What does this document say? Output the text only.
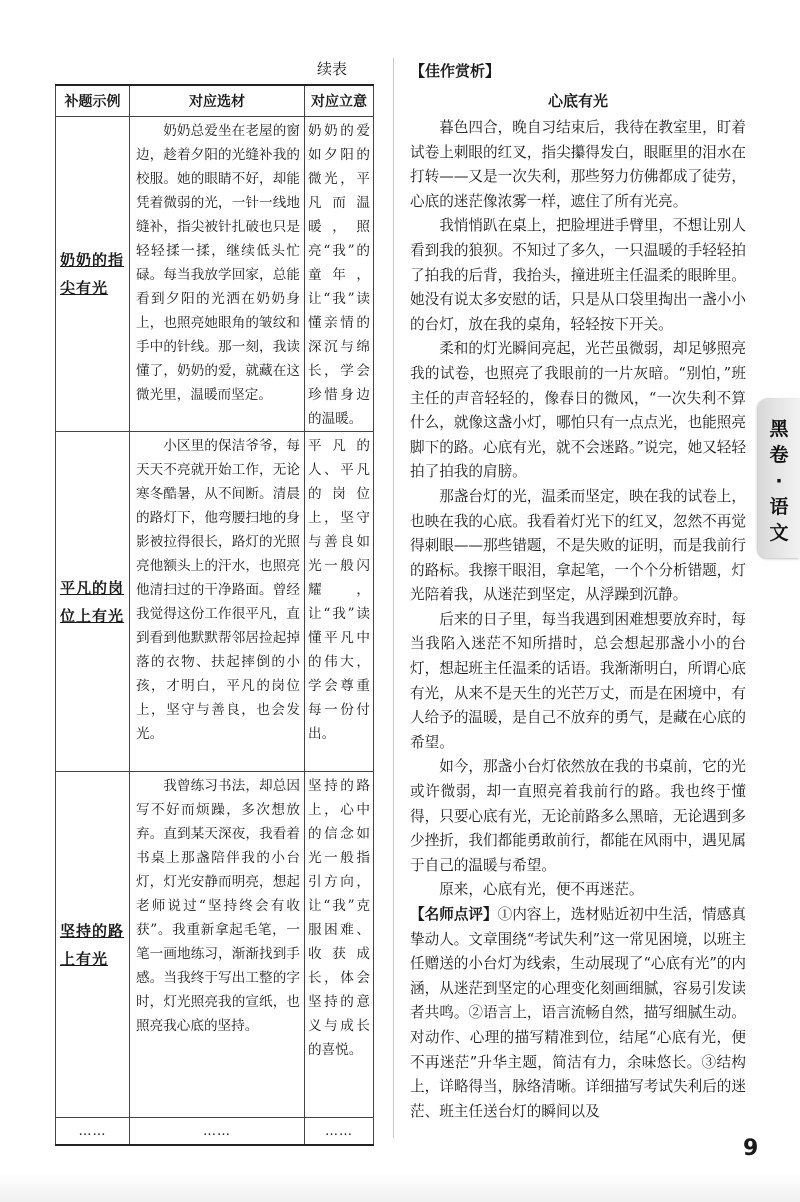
续表
补题示例	对应选材	对应立意
奶奶的指尖有光	奶奶总爱坐在老屋的窗边，趁着夕阳的光缝补我的校服。她的眼睛不好，却能凭着微弱的光，一针一线地缝补，指尖被针扎破也只是轻轻揉一揉，继续低头忙碌。每当我放学回家，总能看到夕阳的光洒在奶奶身上，也照亮她眼角的皱纹和手中的针线。那一刻，我读懂了，奶奶的爱，就藏在这微光里，温暖而坚定。	奶奶的爱如夕阳的微光，平凡而温暖，照亮“我”的童年，让“我”读懂亲情的深沉与绵长，学会珍惜身边的温暖。
平凡的岗位上有光	小区里的保洁爷爷，每天天不亮就开始工作，无论寒冬酷暑，从不间断。清晨的路灯下，他弯腰扫地的身影被拉得很长，路灯的光照亮他额头上的汗水，也照亮他清扫过的干净路面。曾经我觉得这份工作很平凡，直到看到他默默帮邻居捡起掉落的衣物、扶起摔倒的小孩，才明白，平凡的岗位上，坚守与善良，也会发光。	平凡的人、平凡的岗位上，坚守与善良如光一般闪耀，让“我”读懂平凡中的伟大，学会尊重每一份付出。
坚持的路上有光	我曾练习书法，却总因写不好而烦躁，多次想放弃。直到某天深夜，我看着书桌上那盏陪伴我的小台灯，灯光安静而明亮，想起老师说过“坚持终会有收获”。我重新拿起毛笔，一笔一画地练习，渐渐找到手感。当我终于写出工整的字时，灯光照亮我的宣纸，也照亮我心底的坚持。	坚持的路上，心中的信念如光一般指引方向，让“我”克服困难、收获成长，体会坚持的意义与成长的喜悦。
……	……	……
【佳作赏析】
心底有光

暮色四合，晚自习结束后，我待在教室里，盯着试卷上刺眼的红叉，指尖攥得发白，眼眶里的泪水在打转——又是一次失利，那些努力仿佛都成了徒劳，心底的迷茫像浓雾一样，遮住了所有光亮。

我悄悄趴在桌上，把脸埋进手臂里，不想让别人看到我的狼狈。不知过了多久，一只温暖的手轻轻拍了拍我的后背，我抬头，撞进班主任温柔的眼眸里。她没有说太多安慰的话，只是从口袋里掏出一盏小小的台灯，放在我的桌角，轻轻按下开关。

柔和的灯光瞬间亮起，光芒虽微弱，却足够照亮我的试卷，也照亮了我眼前的一片灰暗。“别怕，”班主任的声音轻轻的，像春日的微风，“一次失利不算什么，就像这盏小灯，哪怕只有一点点光，也能照亮脚下的路。心底有光，就不会迷路。”说完，她又轻轻拍了拍我的肩膀。

那盏台灯的光，温柔而坚定，映在我的试卷上，也映在我的心底。我看着灯光下的红叉，忽然不再觉得刺眼——那些错题，不是失败的证明，而是我前行的路标。我擦干眼泪，拿起笔，一个个分析错题，灯光陪着我，从迷茫到坚定，从浮躁到沉静。

后来的日子里，每当我遇到困难想要放弃时，每当我陷入迷茫不知所措时，总会想起那盏小小的台灯，想起班主任温柔的话语。我渐渐明白，所谓心底有光，从来不是天生的光芒万丈，而是在困境中，有人给予的温暖，是自己不放弃的勇气，是藏在心底的希望。

如今，那盏小台灯依然放在我的书桌前，它的光或许微弱，却一直照亮着我前行的路。我也终于懂得，只要心底有光，无论前路多么黑暗，无论遇到多少挫折，我们都能勇敢前行，都能在风雨中，遇见属于自己的温暖与希望。

原来，心底有光，便不再迷茫。

【名师点评】①内容上，选材贴近初中生活，情感真挚动人。文章围绕“考试失利”这一常见困境，以班主任赠送的小台灯为线索，生动展现了“心底有光”的内涵，从迷茫到坚定的心理变化刻画细腻，容易引发读者共鸣。②语言上，语言流畅自然，描写细腻生动。对动作、心理的描写精准到位，结尾“心底有光，便不再迷茫”升华主题，简洁有力，余味悠长。③结构上，详略得当，脉络清晰。详细描写考试失利后的迷茫、班主任送台灯的瞬间以及
黑卷·语文
9
